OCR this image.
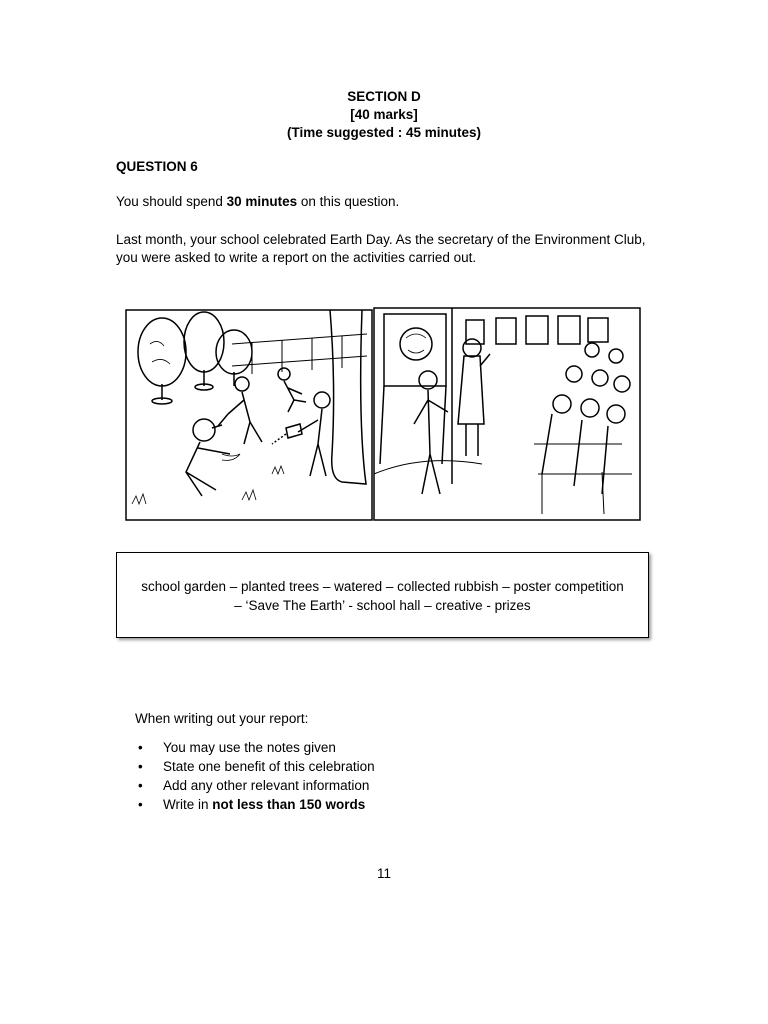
SECTION D
[40 marks]
(Time suggested : 45 minutes)
QUESTION 6
You should spend 30 minutes on this question.
Last month, your school celebrated Earth Day. As the secretary of the Environment Club, you were asked to write a report on the activities carried out.
school garden – planted trees – watered – collected rubbish – poster competition
– ‘Save The Earth’ - school hall – creative - prizes
When writing out your report:
• You may use the notes given
• State one benefit of this celebration
• Add any other relevant information
• Write in not less than 150 words
11
